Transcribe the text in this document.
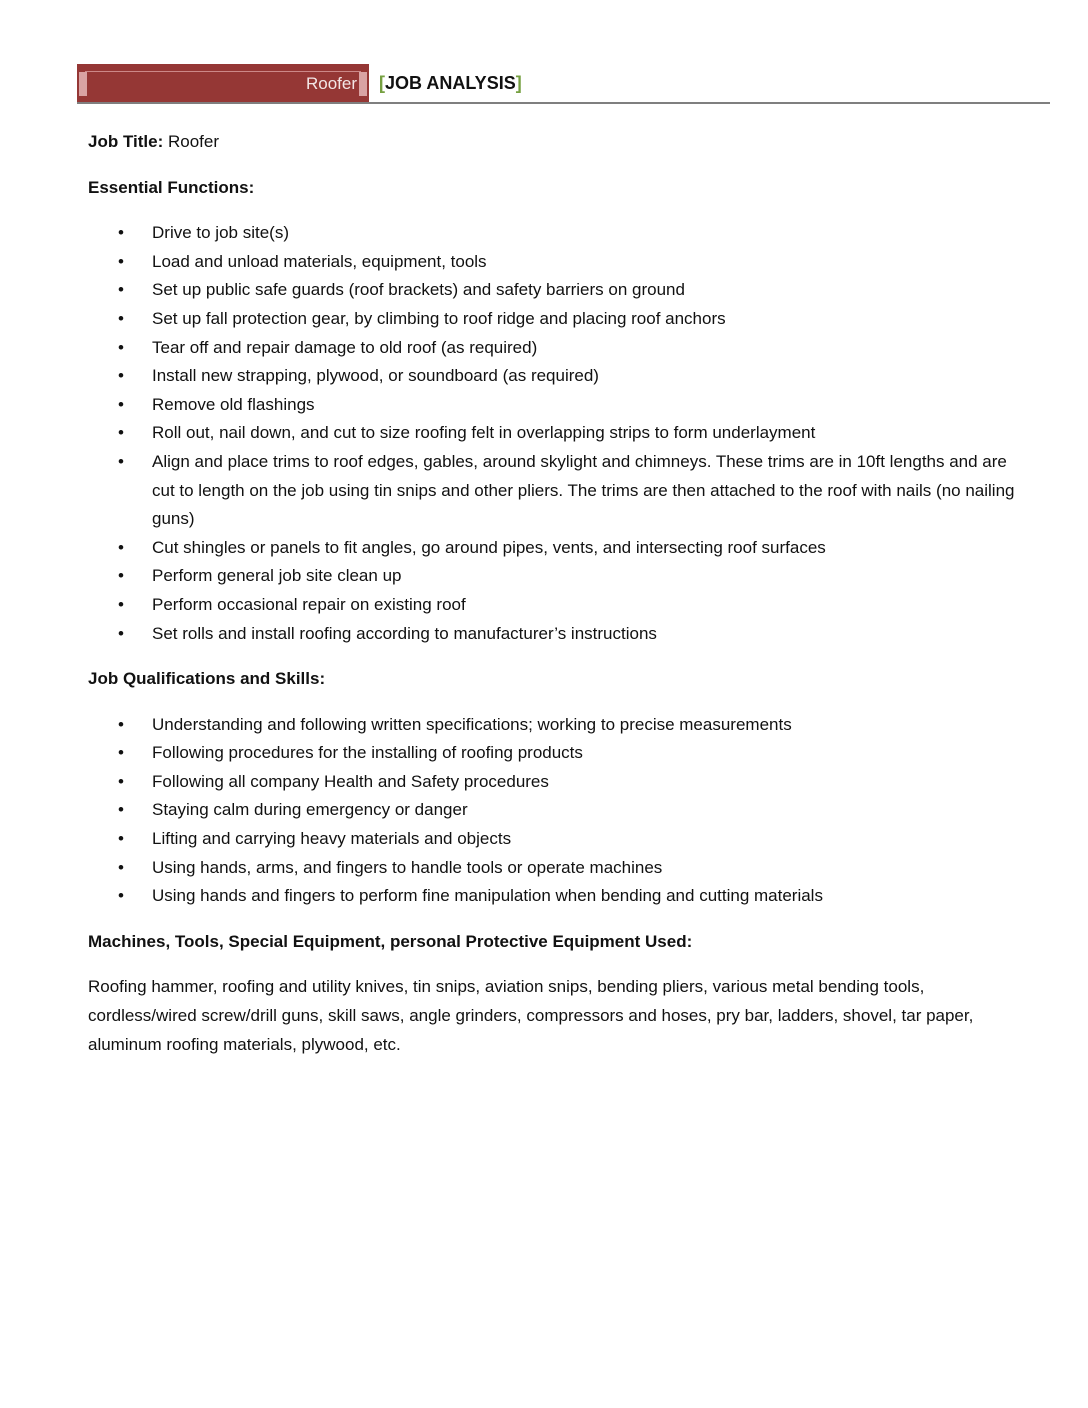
Roofer [JOB ANALYSIS]

Job Title: Roofer

Essential Functions:

• Drive to job site(s)
• Load and unload materials, equipment, tools
• Set up public safe guards (roof brackets) and safety barriers on ground
• Set up fall protection gear, by climbing to roof ridge and placing roof anchors
• Tear off and repair damage to old roof (as required)
• Install new strapping, plywood, or soundboard (as required)
• Remove old flashings
• Roll out, nail down, and cut to size roofing felt in overlapping strips to form underlayment
• Align and place trims to roof edges, gables, around skylight and chimneys. These trims are in 10ft lengths and are cut to length on the job using tin snips and other pliers. The trims are then attached to the roof with nails (no nailing guns)
• Cut shingles or panels to fit angles, go around pipes, vents, and intersecting roof surfaces
• Perform general job site clean up
• Perform occasional repair on existing roof
• Set rolls and install roofing according to manufacturer’s instructions

Job Qualifications and Skills:

• Understanding and following written specifications; working to precise measurements
• Following procedures for the installing of roofing products
• Following all company Health and Safety procedures
• Staying calm during emergency or danger
• Lifting and carrying heavy materials and objects
• Using hands, arms, and fingers to handle tools or operate machines
• Using hands and fingers to perform fine manipulation when bending and cutting materials

Machines, Tools, Special Equipment, personal Protective Equipment Used:

Roofing hammer, roofing and utility knives, tin snips, aviation snips, bending pliers, various metal bending tools, cordless/wired screw/drill guns, skill saws, angle grinders, compressors and hoses, pry bar, ladders, shovel, tar paper, aluminum roofing materials, plywood, etc.
